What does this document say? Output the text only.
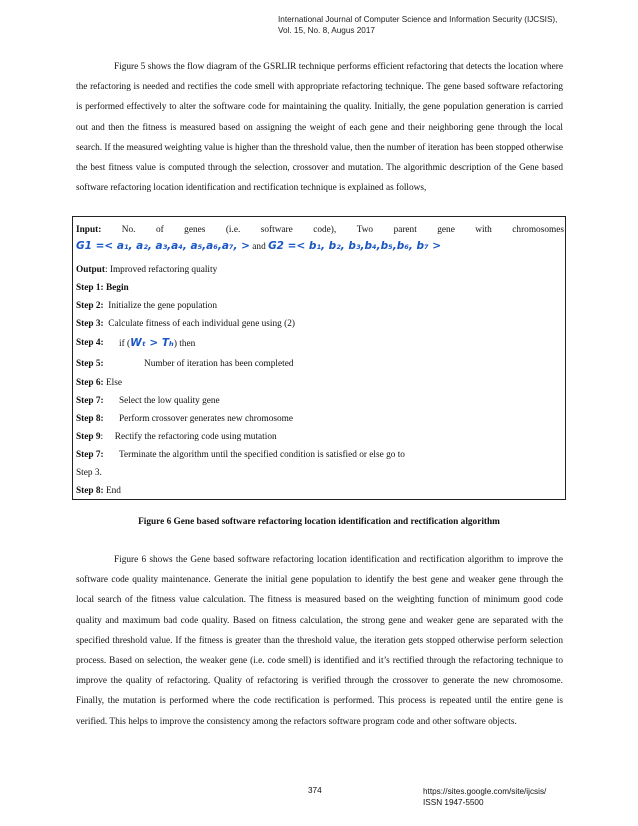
International Journal of Computer Science and Information Security (IJCSIS),
Vol. 15, No. 8, Augus 2017

Figure 5 shows the flow diagram of the GSRLIR technique performs efficient refactoring that detects the location where the refactoring is needed and rectifies the code smell with appropriate refactoring technique. The gene based software refactoring is performed effectively to alter the software code for maintaining the quality. Initially, the gene population generation is carried out and then the fitness is measured based on assigning the weight of each gene and their neighboring gene through the local search. If the measured weighting value is higher than the threshold value, then the number of iteration has been stopped otherwise the best fitness value is computed through the selection, crossover and mutation. The algorithmic description of the Gene based software refactoring location identification and rectification technique is explained as follows,

Input: No. of genes (i.e. software code), Two parent gene with chromosomes
G1 =< a₁, a₂, a₃,a₄, a₅,a₆,a₇, > and G2 =< b₁, b₂, b₃,b₄,b₅,b₆, b₇ >
Output: Improved refactoring quality
Step 1: Begin
Step 2: Initialize the gene population
Step 3: Calculate fitness of each individual gene using (2)
Step 4: if (Wₜ > Tₕ) then
Step 5:	Number of iteration has been completed
Step 6: Else
Step 7: Select the low quality gene
Step 8: Perform crossover generates new chromosome
Step 9:     Rectify the refactoring code using mutation
Step 7: Terminate the algorithm until the specified condition is satisfied or else go to
Step 3.
Step 8: End
Figure 6 Gene based software refactoring location identification and rectification algorithm

Figure 6 shows the Gene based software refactoring location identification and rectification algorithm to improve the software code quality maintenance. Generate the initial gene population to identify the best gene and weaker gene through the local search of the fitness value calculation. The fitness is measured based on the weighting function of minimum good code quality and maximum bad code quality. Based on fitness calculation, the strong gene and weaker gene are separated with the specified threshold value. If the fitness is greater than the threshold value, the iteration gets stopped otherwise perform selection process. Based on selection, the weaker gene (i.e. code smell) is identified and it’s rectified through the refactoring technique to improve the quality of refactoring. Quality of refactoring is verified through the crossover to generate the new chromosome. Finally, the mutation is performed where the code rectification is performed. This process is repeated until the entire gene is verified. This helps to improve the consistency among the refactors software program code and other software objects.

374	https://sites.google.com/site/ijcsis/
ISSN 1947-5500
